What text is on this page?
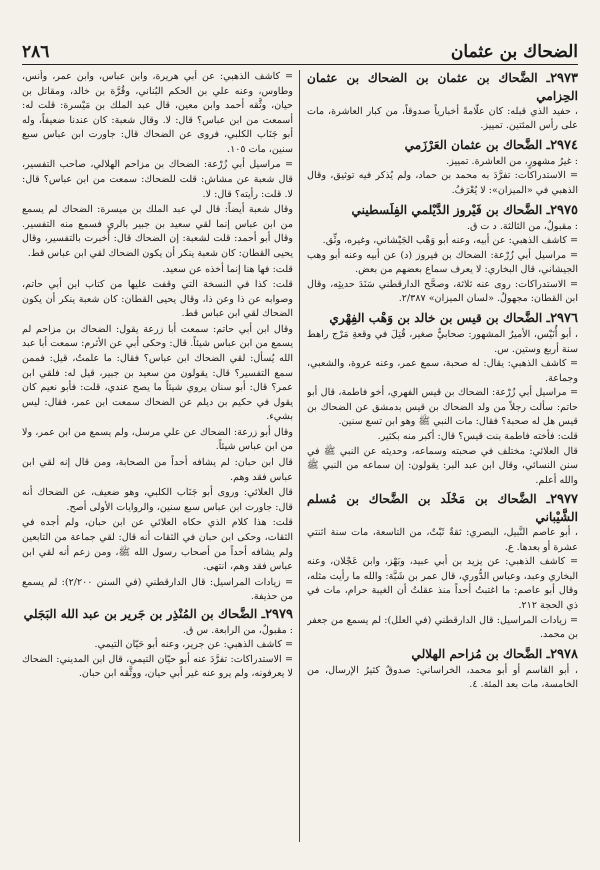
٢٨٦	الضحاك بن عثمان
٢٩٧٣ـ الضَّحاك بن عثمان بن الضحاك بن عثمان الحِزامي

، حفيد الذي قبله: كان علّامةً أخبارياً صدوقاً، من كبار العاشرة، مات على رأس المئتين. تمييز.

٢٩٧٤ـ الضَّحاك بن عثمان العَرْزَمي

: غيرُ مشهورٍ، من العاشرة. تمييز.

= الاستدراكات: تفرَّدَ به محمد بن حماد، ولم يُذكر فيه توثيق، وقال الذهبي في «الميزان»: لا يُعْرَفُ.

٢٩٧٥ـ الضَّحاك بن فَيْروز الدَّيْلمي الفِلَسطيني

: مقبولٌ، من الثالثة. د ت ق.

= كاشف الذهبي: عن أبيه، وعنه أبو وَهْب الجَيْشاني، وغيره، وثِّق.

= مراسيل أبي زُرْعة: الضحاك بن فيروز (د) عن أبيه وعنه أبو وهب الجيشاني، قال البخاري: لا يعرف سماع بعضهم من بعض.

= الاستدراكات: روى عنه ثلاثة، وصحَّح الدارقطني سَنَدَ حديثِه، وقال ابن القطان: مجهولٌ. «لسان الميزان» ٢/٣٨٧.

٢٩٧٦ـ الضَّحاك بن قيس بن خالد بن وَهْب الفِهْري

، أبو أُنَيْس، الأميرُ المشهور: صحابيٌّ صغير، قُتِلَ في وقعةِ مَرْج راهط سنة أربع وستين. س.

= كاشف الذهبي: يقال: له صحبة، سمع عمر، وعنه عروة، والشعبي، وجماعة.

= مراسيل أبي زُرْعة: الضحاك بن قيس الفهري، أخو فاطمة، قال أبو حاتم: سألت رجلاً من ولد الضحاك بن قيس بدمشق عن الضحاك بن قيس هل له صحبة؟ فقال: مات النبي ﷺ وهو ابن تسع سنين.

قلت: فأخته فاطمة بنت قيس؟ قال: أكبر منه بكثير.

قال العلائي: مختلف في صحبته وسماعه، وحديثه عن النبي ﷺ في سنن النسائي، وقال ابن عبد البر: يقولون: إن سماعه من النبي ﷺ والله أعلم.

٢٩٧٧ـ الضَّحاك بن مَخْلَد بن الضَّحاك بن مُسلم الشَّيْباني

، أبو عاصم النَّبيل، البصري: ثقةٌ ثَبْتٌ، من التاسعة، مات سنة اثنتي عشرة أو بعدها. ع.

= كاشف الذهبي: عن يزيد بن أبي عبيد، وبَهْز، وابن عَجْلان، وعنه البخاري وعبد، وعباس الدُّوري، قال عمر بن شَبَّة: والله ما رأيت مثله، وقال أبو عاصم: ما اغتبتُ أحداً منذ عقلتُ أن الغيبة حرام، مات في ذي الحجة ٢١٢.

= زيادات المراسيل: قال الدارقطني (في العلل): لم يسمع من جعفر بن محمد.

٢٩٧٨ـ الضَّحاك بن مُزاحم الهلالي

، أبو القاسم أو أبو محمد، الخراساني: صدوقٌ كثيرُ الإرسال، من الخامسة، مات بعد المئة. ٤.

= كاشف الذهبي: عن أبي هريرة، وابن عباس، وابن عمر، وأنس، وطاوس، وعنه علي بن الحكم البُناني، وقُرَّة بن خالد، ومقاتل بن حيان، وثَّقه أحمد وابن معين، قال عبد الملك بن مَيْسرة: قلت له: أسمعت من ابن عباس؟ قال: لا. وقال شعبة: كان عندنا ضعيفاً، وله أبو جَنَاب الكلبي، فروى عن الضحاك قال: جاورت ابن عباس سبع سنين، مات ١٠٥.

= مراسيل أبي زُرْعة: الضحاك بن مزاحم الهلالي، صاحب التفسير، قال شعبة عن مشاش: قلت للضحاك: سمعت من ابن عباس؟ قال: لا. قلت: رأيته؟ قال: لا.

وقال شعبة أيضاً: قال لي عبد الملك بن ميسرة: الضحاك لم يسمع من ابن عباس إنما لقي سعيد بن جبير بالري فسمع منه التفسير. وقال أبو أحمد: قلت لشعبة: إن الضحاك قال: أُخبرت بالتفسير، وقال يحيى القطان: كان شعبة ينكر أن يكون الضحاك لقي ابن عباس قط.

قلت: فها هنا إنما أخذه عن سعيد.

قلت: كذا في النسخة التي وقفت عليها من كتاب ابن أبي حاتم، وصوابه عن ذا وعن ذا، وقال يحيى القطان: كان شعبة ينكر أن يكون الضحاك لقي ابن عباس قط.

وقال ابن أبي حاتم: سمعت أبا زرعة يقول: الضحاك بن مزاحم لم يسمع من ابن عباس شيئاً. قال: وحكى أبي عن الأثرم: سمعت أبا عبد الله يُسأل: لقي الضحاك ابن عباس؟ فقال: ما علمتُ، قيل: فممن سمع التفسير؟ قال: يقولون من سعيد بن جبير، قيل له: فلقي ابن عمر؟ قال: أبو سنان يروي شيئاً ما يصح عندي، قلت: فأبو نعيم كان يقول في حكيم بن ديلم عن الضحاك سمعت ابن عمر، فقال: ليس بشيء.

وقال أبو زرعة: الضحاك عن علي مرسل، ولم يسمع من ابن عمر، ولا من ابن عباس شيئاً.

قال ابن حبان: لم يشافه أحداً من الصحابة، ومن قال إنه لقي ابن عباس فقد وهم.

قال العلائي: وروى أبو جَنَاب الكلبي، وهو ضعيف، عن الضحاك أنه قال: جاورت ابن عباس سبع سنين، والروايات الأولى أصح.

قلت: هذا كلام الذي حكاه العلائي عن ابن حبان، ولم أجده في الثقات، وحكى ابن حبان في الثقات أنه قال: لقي جماعة من التابعين ولم يشافه أحداً من أصحاب رسول الله ﷺ، ومن زعم أنه لقي ابن عباس فقد وهم، انتهى.

= زيادات المراسيل: قال الدارقطني (في السنن ٢/٢٠٠): لم يسمع من حذيفة.

٢٩٧٩ـ الضَّحاك بن المُنْذِر بن جَرير بن عبد الله البَجَلي

: مقبولٌ، من الرابعة. س ق.

= كاشف الذهبي: عن جرير، وعنه أبو حَيّان التيمي.

= الاستدراكات: تفرَّدَ عنه أبو حيّان التيمي، قال ابن المديني: الضحاك لا يعرفونه، ولم يرو عنه غير أبي حيان، ووثَّقه ابن حبان.
